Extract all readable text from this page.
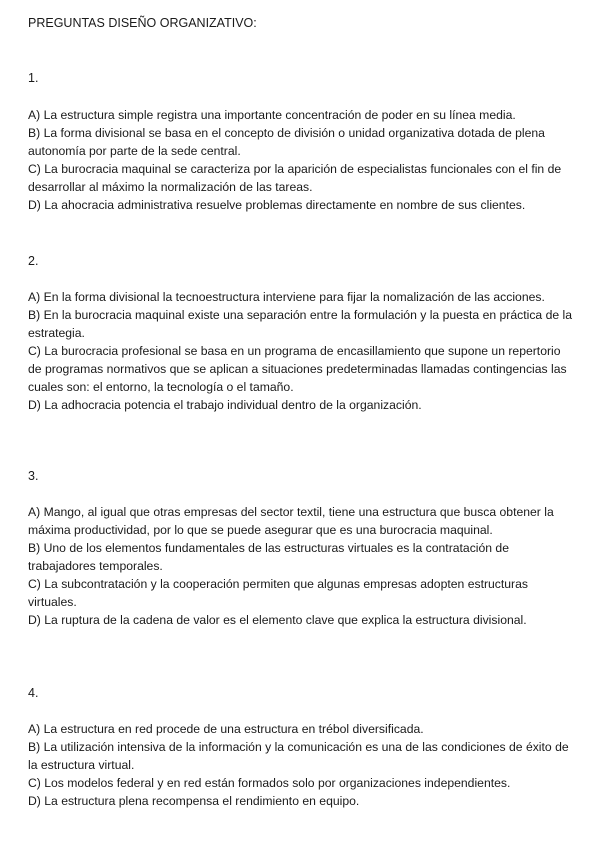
PREGUNTAS DISEÑO ORGANIZATIVO:

1.

A) La estructura simple registra una importante concentración de poder en su línea media.
B) La forma divisional se basa en el concepto de división o unidad organizativa dotada de plena autonomía por parte de la sede central.
C) La burocracia maquinal se caracteriza por la aparición de especialistas funcionales con el fin de desarrollar al máximo la normalización de las tareas.
D) La ahocracia administrativa resuelve problemas directamente en nombre de sus clientes.

2.

A) En la forma divisional la tecnoestructura interviene para fijar la nomalización de las acciones.
B) En la burocracia maquinal existe una separación entre la formulación y la puesta en práctica de la estrategia.
C) La burocracia profesional se basa en un programa de encasillamiento que supone un repertorio de programas normativos que se aplican a situaciones predeterminadas llamadas contingencias las cuales son: el entorno, la tecnología o el tamaño.
D) La adhocracia potencia el trabajo individual dentro de la organización.

3.

A) Mango, al igual que otras empresas del sector textil, tiene una estructura que busca obtener la máxima productividad, por lo que se puede asegurar que es una burocracia maquinal.
B) Uno de los elementos fundamentales de las estructuras virtuales es la contratación de trabajadores temporales.
C) La subcontratación y la cooperación permiten que algunas empresas adopten estructuras virtuales.
D) La ruptura de la cadena de valor es el elemento clave que explica la estructura divisional.

4.

A) La estructura en red procede de una estructura en trébol diversificada.
B) La utilización intensiva de la información y la comunicación es una de las condiciones de éxito de la estructura virtual.
C) Los modelos federal y en red están formados solo por organizaciones independientes.
D) La estructura plena recompensa el rendimiento en equipo.
